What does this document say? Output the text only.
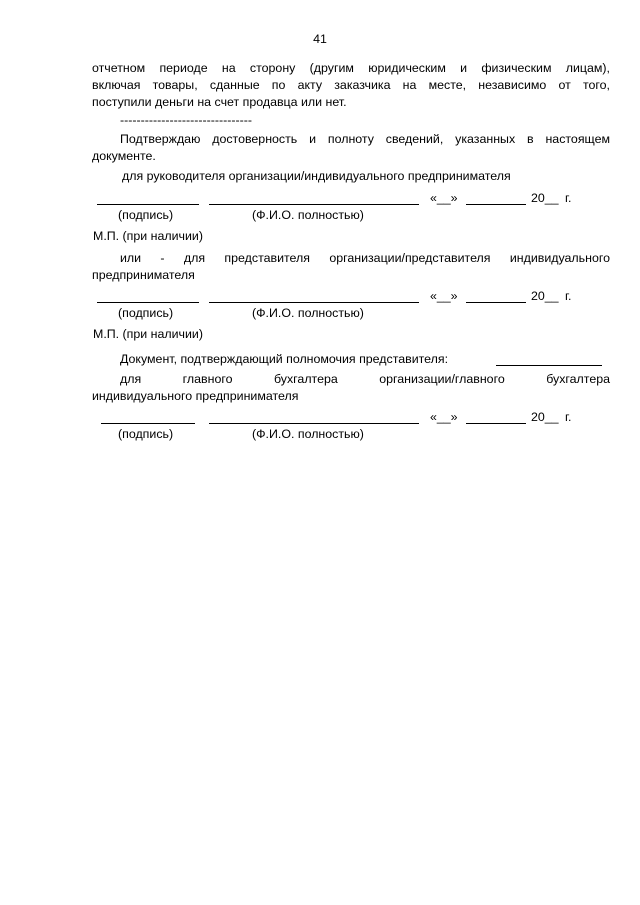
41
отчетном периоде на сторону (другим юридическим и физическим лицам),
включая товары, сданные по акту заказчика на месте, независимо от того,
поступили деньги на счет продавца или нет.
--------------------------------
Подтверждаю достоверность и полноту сведений, указанных в настоящем
документе.
для руководителя организации/индивидуального предпринимателя
«__»	20__ г.
(подпись)	(Ф.И.О. полностью)
М.П. (при наличии)
или - для представителя организации/представителя индивидуального
предпринимателя
«__»	20__ г.
(подпись)	(Ф.И.О. полностью)
М.П. (при наличии)
Документ, подтверждающий полномочия представителя:
для главного бухгалтера организации/главного бухгалтера
индивидуального предпринимателя
«__»	20__ г.
(подпись)	(Ф.И.О. полностью)
